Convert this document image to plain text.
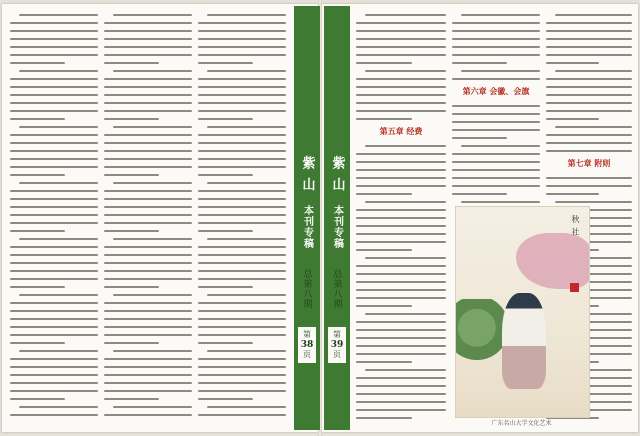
紫 山
本刊专稿
总第八期
第
38
页
紫 山
本刊专稿
总第八期
第
39
页
第五章 经费
第六章 会徽、会旗
第七章 附则
秋 社
广东名山大学文化艺术
